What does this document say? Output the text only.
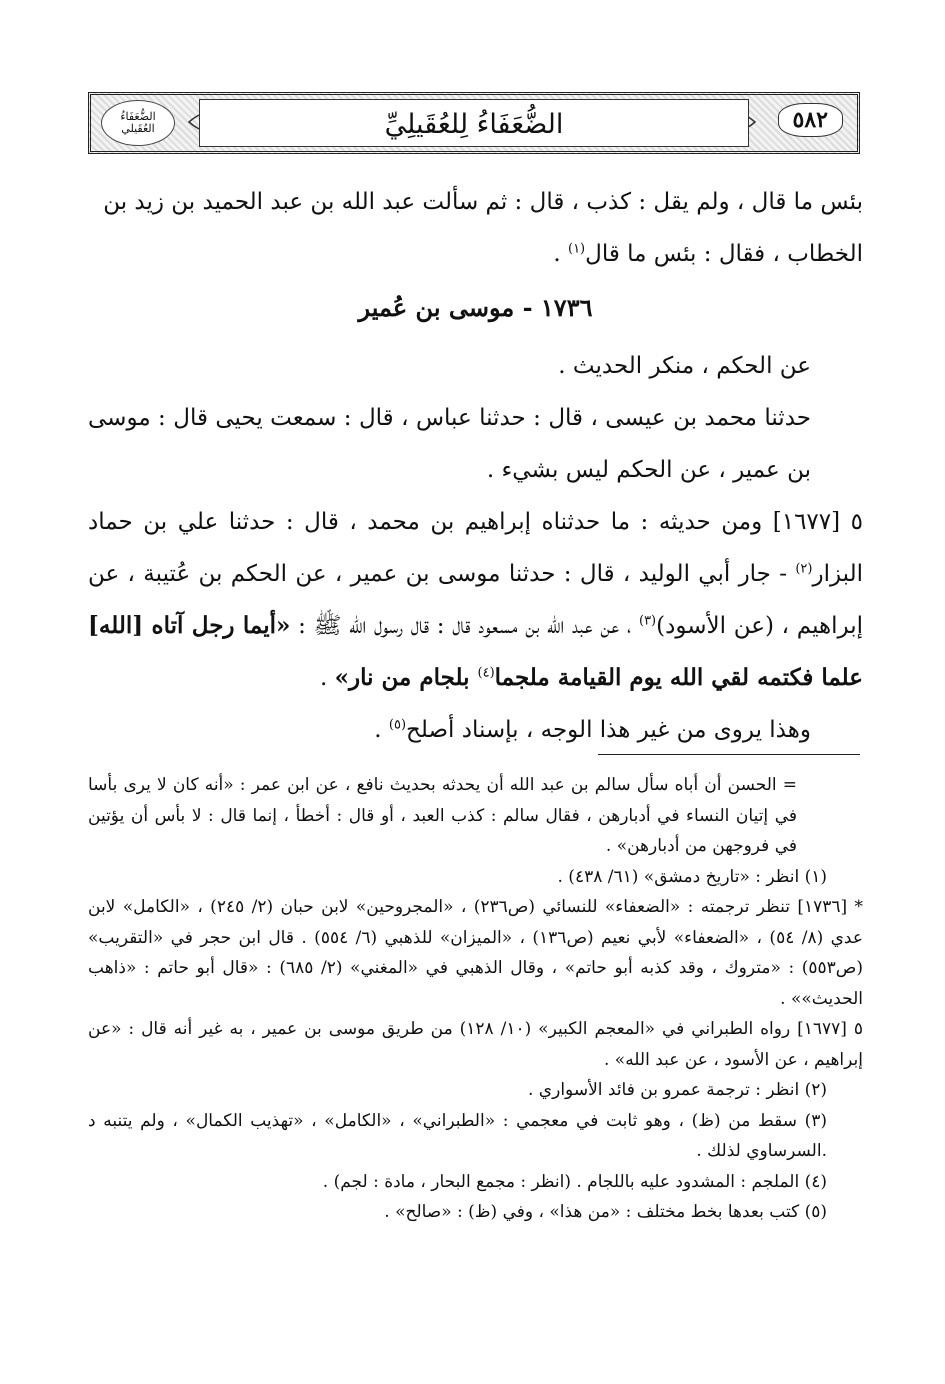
الضُّعَفَاءُ العُقَيلي	الضُّعَفَاءُ لِلعُقَيلِيِّ	٥٨٢

بئس ما قال ، ولم يقل : كذب ، قال : ثم سألت عبد الله بن عبد الحميد بن زيد بن

الخطاب ، فقال : بئس ما قال$^{(١)}$ .

١٧٣٦ - موسى بن عُمير

عن الحكم ، منكر الحديث .

حدثنا محمد بن عيسى ، قال : حدثنا عباس ، قال : سمعت يحيى قال : موسى بن عمير ، عن الحكم ليس بشيء .

٥ [١٦٧٧] ومن حديثه : ما حدثناه إبراهيم بن محمد ، قال : حدثنا علي بن حماد البزار$^{(٢)}$ - جار أبي الوليد ، قال : حدثنا موسى بن عمير ، عن الحكم بن عُتيبة ، عن إبراهيم ، (عن الأسود)$^{(٣)}$ ، عن عبد الله بن مسعود قال : قال رسول الله ﷺ : «أيما رجل آتاه [الله] علما فكتمه لقي الله يوم القيامة ملجما$^{(٤)}$ بلجام من نار» .

وهذا يروى من غير هذا الوجه ، بإسناد أصلح$^{(٥)}$ .

= الحسن أن أباه سأل سالم بن عبد الله أن يحدثه بحديث نافع ، عن ابن عمر : «أنه كان لا يرى بأسا في إتيان النساء في أدبارهن ، فقال سالم : كذب العبد ، أو قال : أخطأ ، إنما قال : لا بأس أن يؤتين في فروجهن من أدبارهن» .

(١) انظر : «تاريخ دمشق» (٦١/ ٤٣٨) .

* [١٧٣٦] تنظر ترجمته : «الضعفاء» للنسائي (ص٢٣٦) ، «المجروحين» لابن حبان (٢/ ٢٤٥) ، «الكامل» لابن عدي (٨/ ٥٤) ، «الضعفاء» لأبي نعيم (ص١٣٦) ، «الميزان» للذهبي (٦/ ٥٥٤) . قال ابن حجر في «التقريب» (ص٥٥٣) : «متروك ، وقد كذبه أبو حاتم» ، وقال الذهبي في «المغني» (٢/ ٦٨٥) : «قال أبو حاتم : «ذاهب الحديث»» .

٥ [١٦٧٧] رواه الطبراني في «المعجم الكبير» (١٠/ ١٢٨) من طريق موسى بن عمير ، به غير أنه قال : «عن إبراهيم ، عن الأسود ، عن عبد الله» .

(٢) انظر : ترجمة عمرو بن فائد الأسواري .

(٣) سقط من (ظ) ، وهو ثابت في معجمي : «الطبراني» ، «الكامل» ، «تهذيب الكمال» ، ولم يتنبه د .السرساوي لذلك .

(٤) الملجم : المشدود عليه باللجام . (انظر : مجمع البحار ، مادة : لجم) .

(٥) كتب بعدها بخط مختلف : «من هذا» ، وفي (ظ) : «صالح» .
